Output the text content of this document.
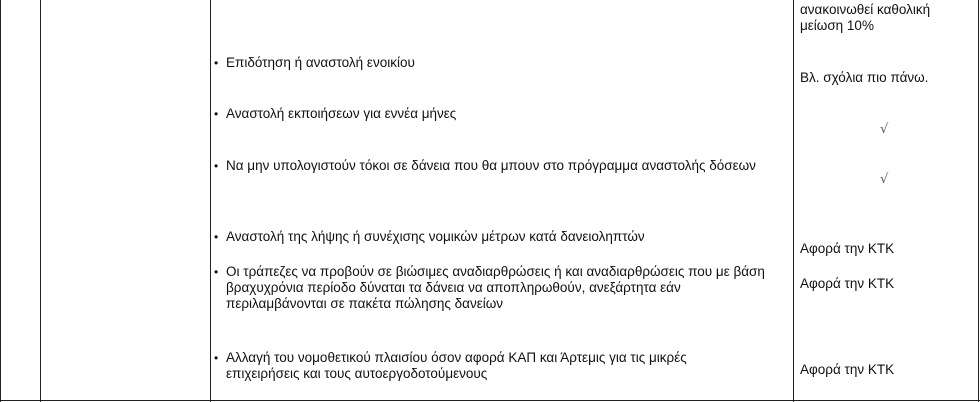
• Επιδότηση ή αναστολή ενοικίου
• Αναστολή εκποιήσεων για εννέα μήνες
• Να μην υπολογιστούν τόκοι σε δάνεια που θα μπουν στο πρόγραμμα αναστολής δόσεων
• Αναστολή της λήψης ή συνέχισης νομικών μέτρων κατά δανειοληπτών
• Οι τράπεζες να προβούν σε βιώσιμες αναδιαρθρώσεις ή και αναδιαρθρώσεις που με βάση βραχυχρόνια περίοδο δύναται τα δάνεια να αποπληρωθούν, ανεξάρτητα εάν περιλαμβάνονται σε πακέτα πώλησης δανείων
• Αλλαγή του νομοθετικού πλαισίου όσον αφορά ΚΑΠ και Άρτεμις για τις μικρές επιχειρήσεις και τους αυτοεργοδοτούμενους
ανακοινωθεί καθολική μείωση 10%
Βλ. σχόλια πιο πάνω.
√
√
Αφορά την ΚΤΚ
Αφορά την ΚΤΚ
Αφορά την ΚΤΚ
